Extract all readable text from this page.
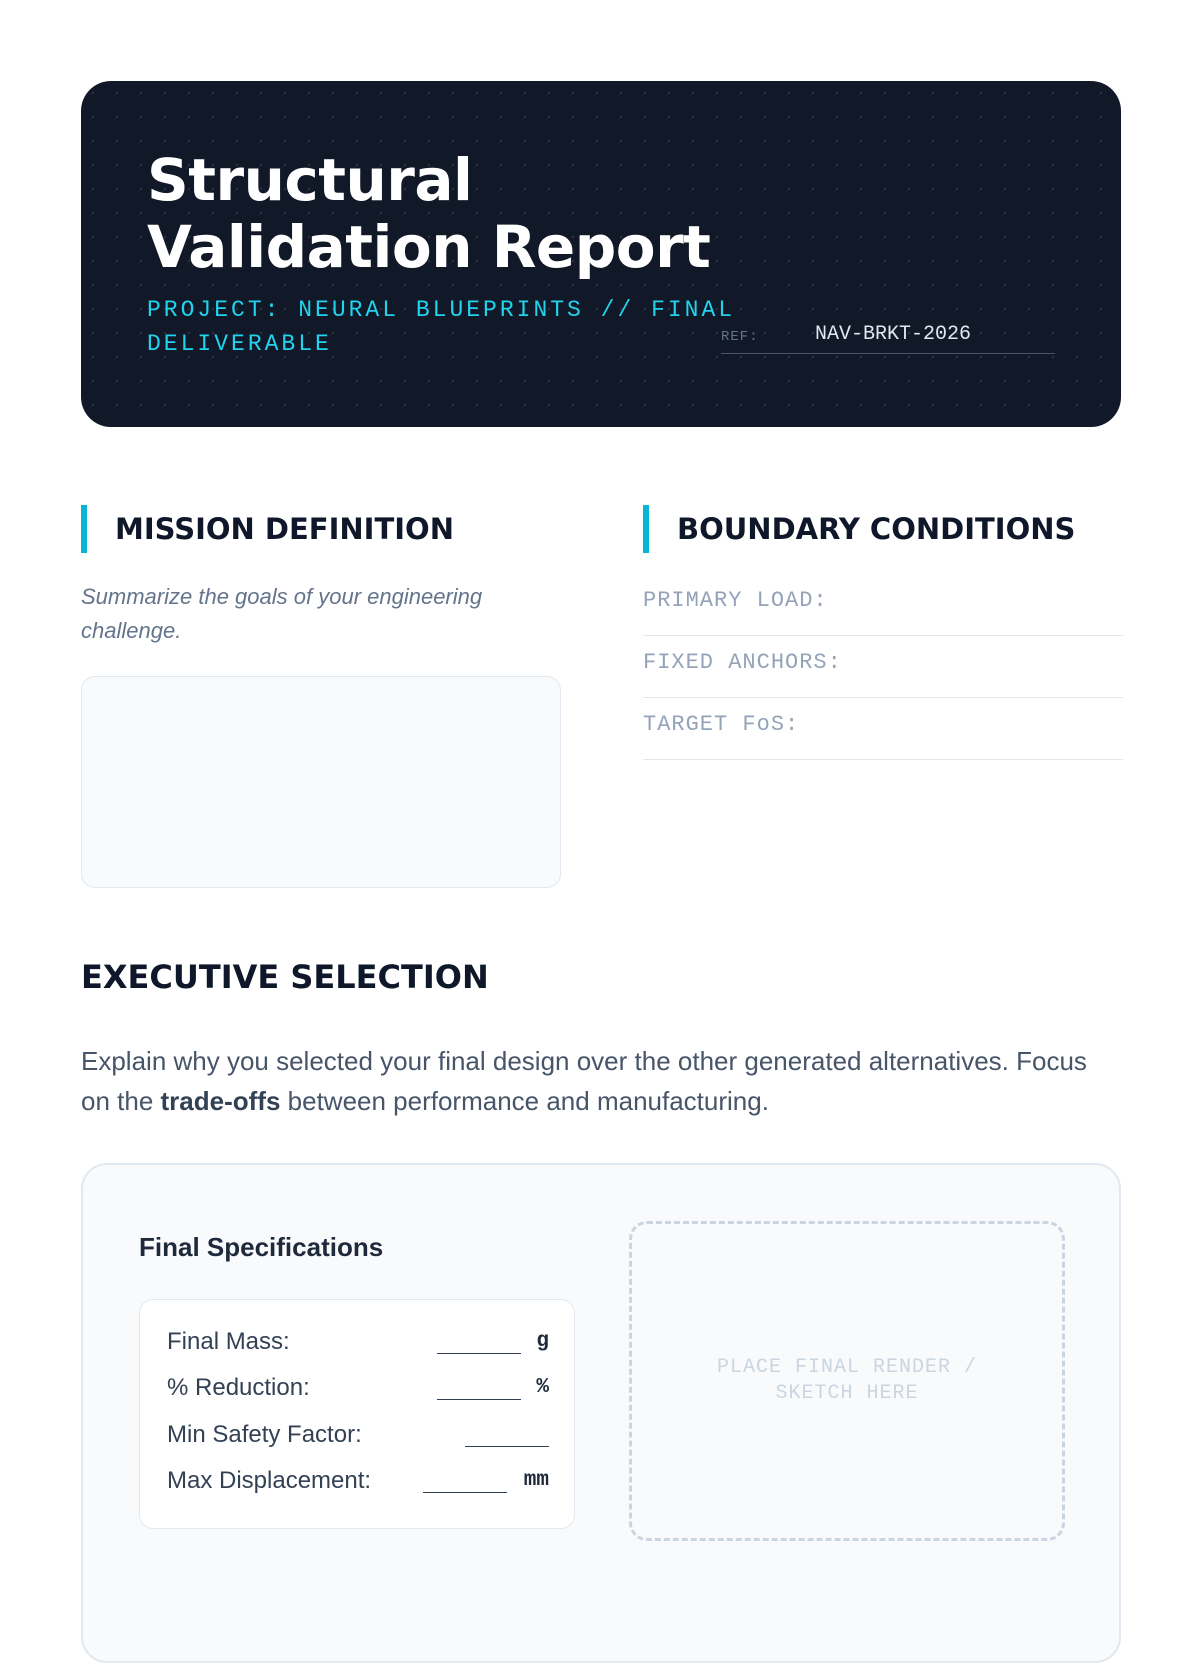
Structural
Validation Report
PROJECT: NEURAL BLUEPRINTS // FINAL DELIVERABLE	REF:	NAV-BRKT-2026
MISSION DEFINITION
Summarize the goals of your engineering challenge.
BOUNDARY CONDITIONS
PRIMARY LOAD:
FIXED ANCHORS:
TARGET FoS:
EXECUTIVE SELECTION

Explain why you selected your final design over the other generated alternatives. Focus on the trade-offs between performance and manufacturing.

Final Specifications
Final Mass:	g
% Reduction:	%
Min Safety Factor:
Max Displacement:	mm
PLACE FINAL RENDER / SKETCH HERE
